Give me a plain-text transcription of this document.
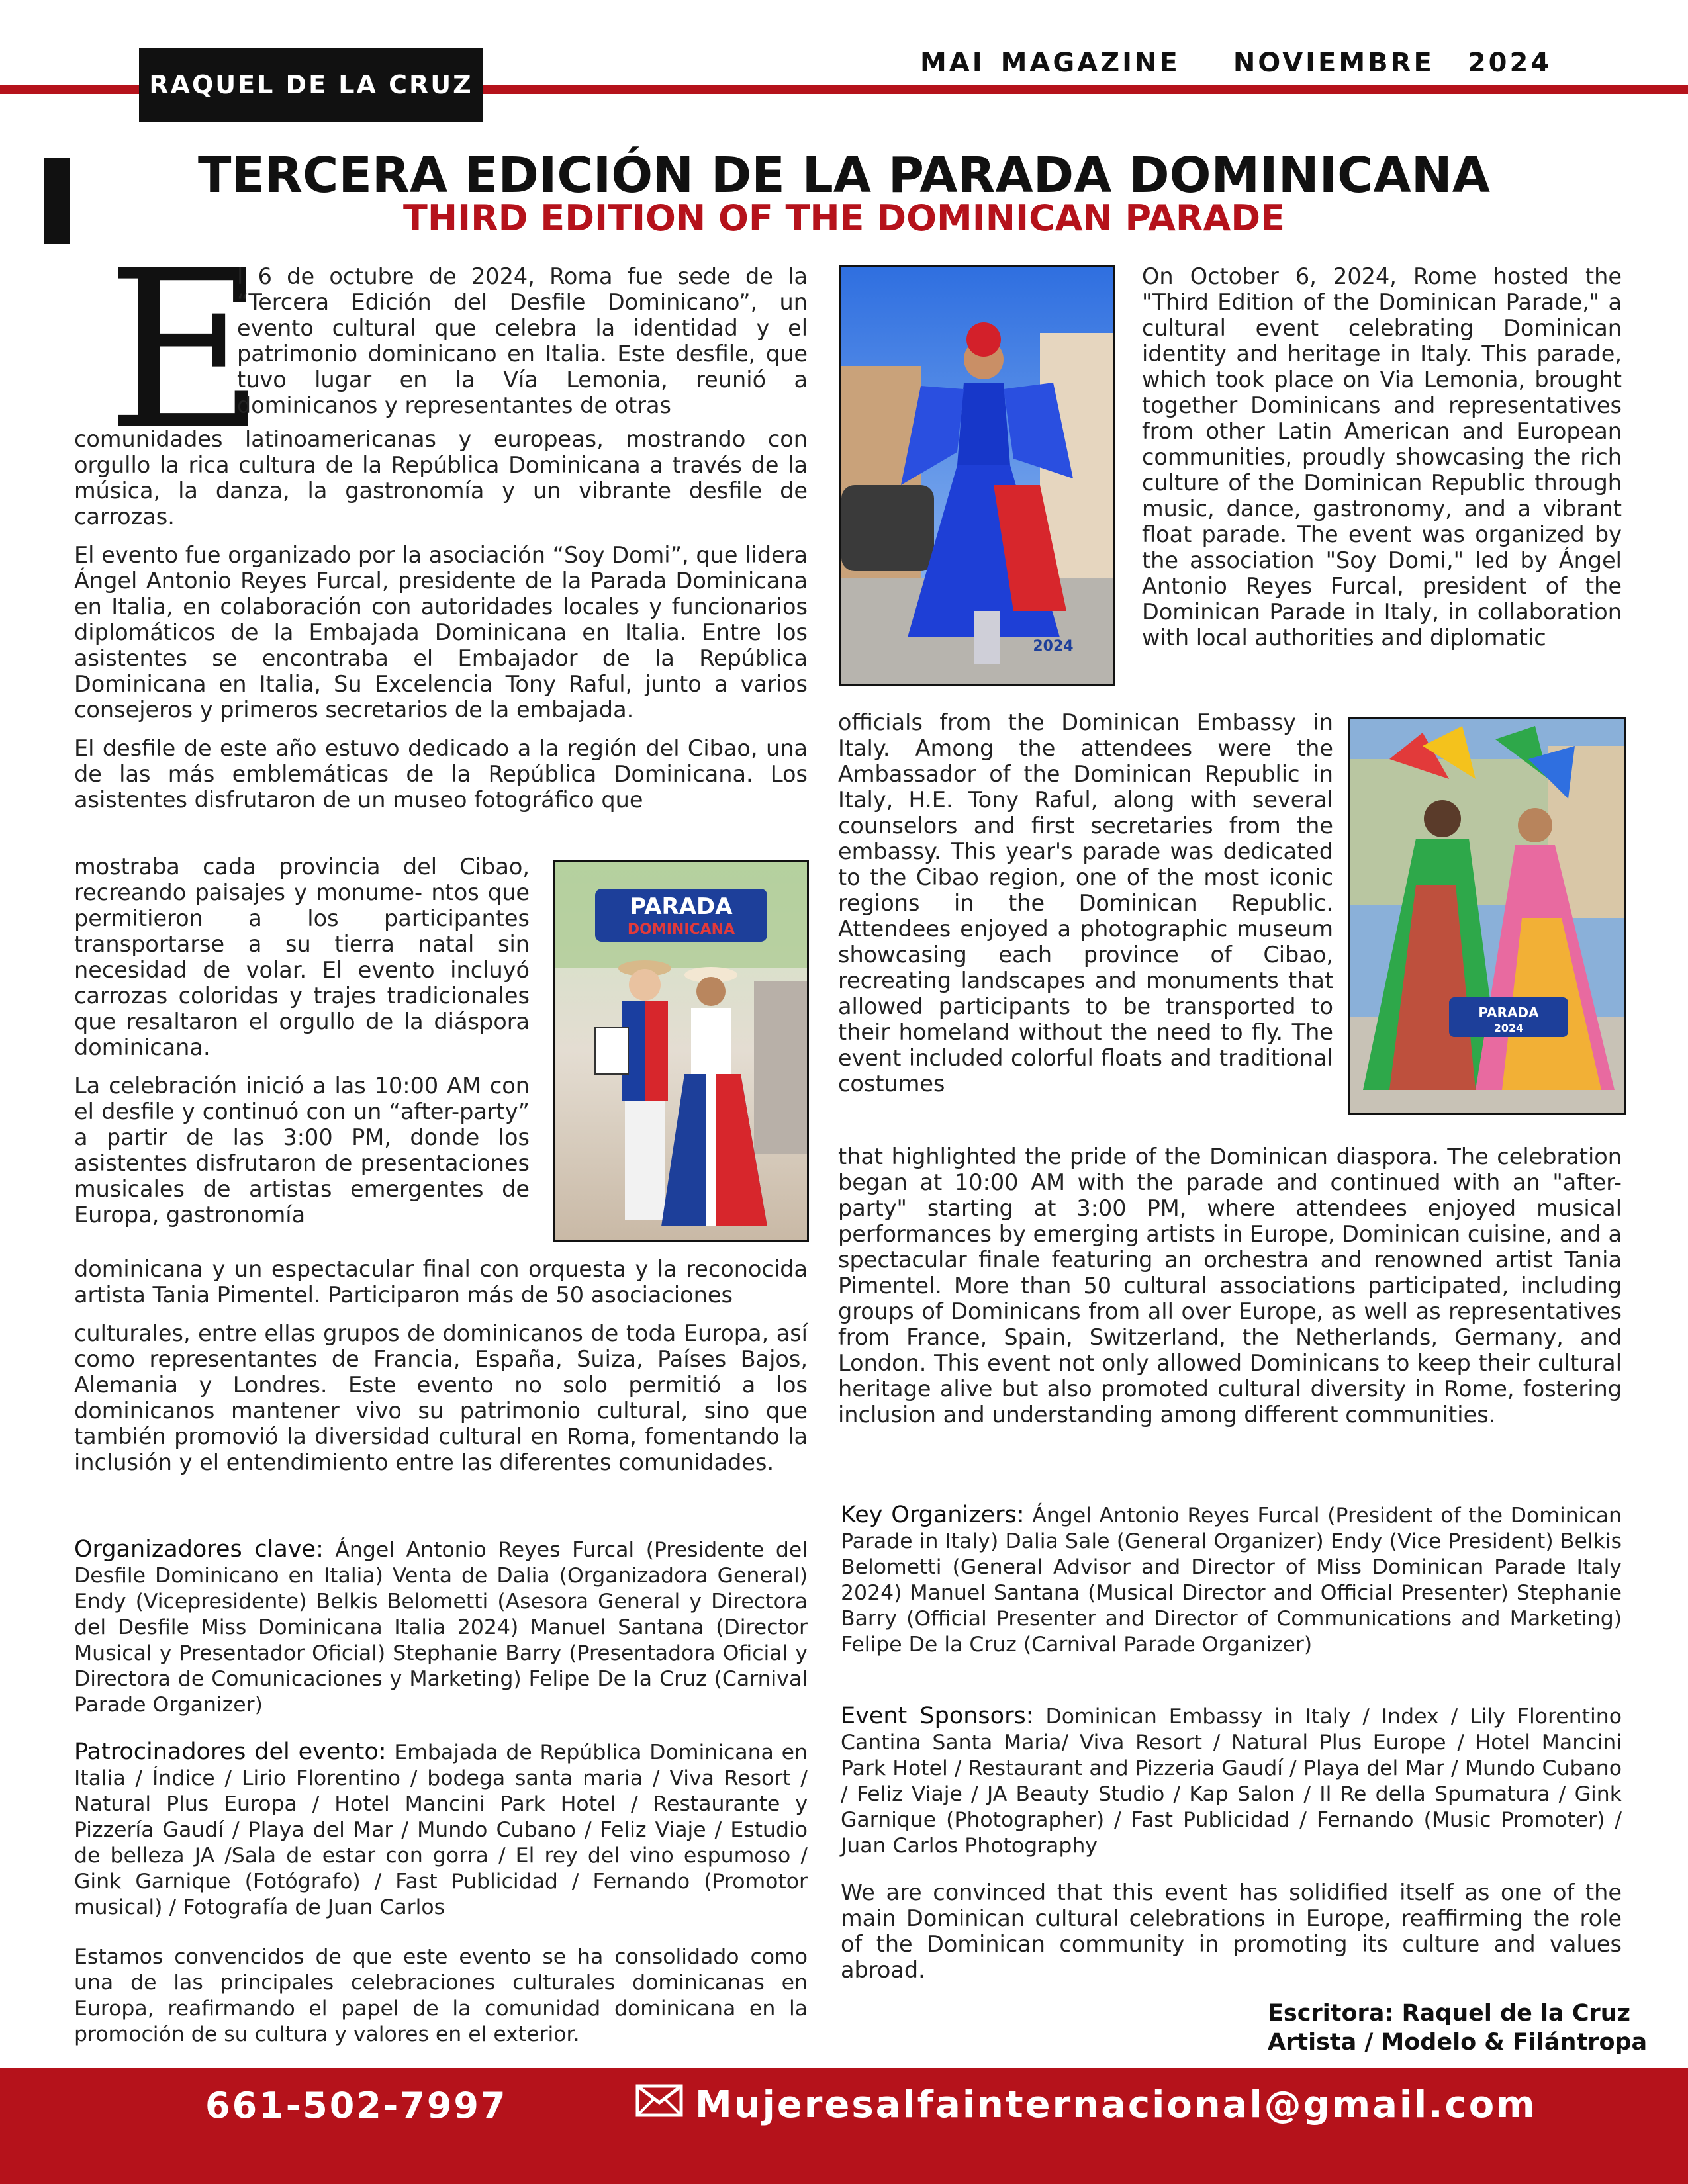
RAQUEL DE LA CRUZ
MAI MAGAZINE NOVIEMBRE 2024
TERCERA EDICIÓN DE LA PARADA DOMINICANA
THIRD EDITION OF THE DOMINICAN PARADE
E

l 6 de octubre de 2024, Roma fue sede de la “Tercera Edición del Desfile Dominicano”, un evento cultural que celebra la identidad y el patrimonio dominicano en Italia. Este desfile, que tuvo lugar en la Vía Lemonia, reunió a dominicanos y representantes de otras

comunidades latinoamericanas y europeas, mostrando con orgullo la rica cultura de la República Dominicana a través de la música, la danza, la gastronomía y un vibrante desfile de carrozas.

El evento fue organizado por la asociación “Soy Domi”, que lidera Ángel Antonio Reyes Furcal, presidente de la Parada Dominicana en Italia, en colaboración con autoridades locales y funcionarios diplomáticos de la Embajada Dominicana en Italia. Entre los asistentes se encontraba el Embajador de la República Dominicana en Italia, Su Excelencia Tony Raful, junto a varios consejeros y primeros secretarios de la embajada.

El desfile de este año estuvo dedicado a la región del Cibao, una de las más emblemáticas de la República Dominicana. Los asistentes disfrutaron de un museo fotográfico que

mostraba cada provincia del Cibao, recreando paisajes y monume- ntos que permitieron a los participantes transportarse a su tierra natal sin necesidad de volar. El evento incluyó carrozas coloridas y trajes tradicionales que resaltaron el orgullo de la diáspora dominicana.

La celebración inició a las 10:00 AM con el desfile y continuó con un “after-party” a partir de las 3:00 PM, donde los asistentes disfrutaron de presentaciones musicales de artistas emergentes de Europa, gastronomía

PARADA
DOMINICANA

dominicana y un espectacular final con orquesta y la reconocida artista Tania Pimentel. Participaron más de 50 asociaciones

culturales, entre ellas grupos de dominicanos de toda Europa, así como representantes de Francia, España, Suiza, Países Bajos, Alemania y Londres. Este evento no solo permitió a los dominicanos mantener vivo su patrimonio cultural, sino que también promovió la diversidad cultural en Roma, fomentando la inclusión y el entendimiento entre las diferentes comunidades.

Organizadores clave: Ángel Antonio Reyes Furcal (Presidente del Desfile Dominicano en Italia) Venta de Dalia (Organizadora General) Endy (Vicepresidente) Belkis Belometti (Asesora General y Directora del Desfile Miss Dominicana Italia 2024) Manuel Santana (Director Musical y Presentador Oficial) Stephanie Barry (Presentadora Oficial y Directora de Comunicaciones y Marketing) Felipe De la Cruz (Carnival Parade Organizer)

Patrocinadores del evento: Embajada de República Dominicana en Italia / Índice / Lirio Florentino / bodega santa maria / Viva Resort / Natural Plus Europa / Hotel Mancini Park Hotel / Restaurante y Pizzería Gaudí / Playa del Mar / Mundo Cubano / Feliz Viaje / Estudio de belleza JA /Sala de estar con gorra / El rey del vino espumoso / Gink Garnique (Fotógrafo) / Fast Publicidad / Fernando (Promotor musical) / Fotografía de Juan Carlos

Estamos convencidos de que este evento se ha consolidado como una de las principales celebraciones culturales dominicanas en Europa, reafirmando el papel de la comunidad dominicana en la promoción de su cultura y valores en el exterior.

2024

On October 6, 2024, Rome hosted the "Third Edition of the Dominican Parade," a cultural event celebrating Dominican identity and heritage in Italy. This parade, which took place on Via Lemonia, brought together Dominicans and representatives from other Latin American and European communities, proudly showcasing the rich culture of the Dominican Republic through music, dance, gastronomy, and a vibrant float parade. The event was organized by the association "Soy Domi," led by Ángel Antonio Reyes Furcal, president of the Dominican Parade in Italy, in collaboration with local authorities and diplomatic

officials from the Dominican Embassy in Italy. Among the attendees were the Ambassador of the Dominican Republic in Italy, H.E. Tony Raful, along with several counselors and first secretaries from the embassy. This year's parade was dedicated to the Cibao region, one of the most iconic regions in the Dominican Republic. Attendees enjoyed a photographic museum showcasing each province of Cibao, recreating landscapes and monuments that allowed participants to be transported to their homeland without the need to fly. The event included colorful floats and traditional costumes

PARADA
2024

that highlighted the pride of the Dominican diaspora. The celebration began at 10:00 AM with the parade and continued with an "after-party" starting at 3:00 PM, where attendees enjoyed musical performances by emerging artists in Europe, Dominican cuisine, and a spectacular finale featuring an orchestra and renowned artist Tania Pimentel. More than 50 cultural associations participated, including groups of Dominicans from all over Europe, as well as representatives from France, Spain, Switzerland, the Netherlands, Germany, and London. This event not only allowed Dominicans to keep their cultural heritage alive but also promoted cultural diversity in Rome, fostering inclusion and understanding among different communities.

Key Organizers: Ángel Antonio Reyes Furcal (President of the Dominican Parade in Italy) Dalia Sale (General Organizer) Endy (Vice President) Belkis Belometti (General Advisor and Director of Miss Dominican Parade Italy 2024) Manuel Santana (Musical Director and Official Presenter) Stephanie Barry (Official Presenter and Director of Communications and Marketing) Felipe De la Cruz (Carnival Parade Organizer)

Event Sponsors: Dominican Embassy in Italy / Index / Lily Florentino Cantina Santa Maria/ Viva Resort / Natural Plus Europe / Hotel Mancini Park Hotel / Restaurant and Pizzeria Gaudí / Playa del Mar / Mundo Cubano / Feliz Viaje / JA Beauty Studio / Kap Salon / Il Re della Spumatura / Gink Garnique (Photographer) / Fast Publicidad / Fernando (Music Promoter) / Juan Carlos Photography

We are convinced that this event has solidified itself as one of the main Dominican cultural celebrations in Europe, reaffirming the role of the Dominican community in promoting its culture and values abroad.

Escritora: Raquel de la Cruz
Artista / Modelo & Filántropa
661-502-7997	Mujeresalfainternacional@gmail.com
